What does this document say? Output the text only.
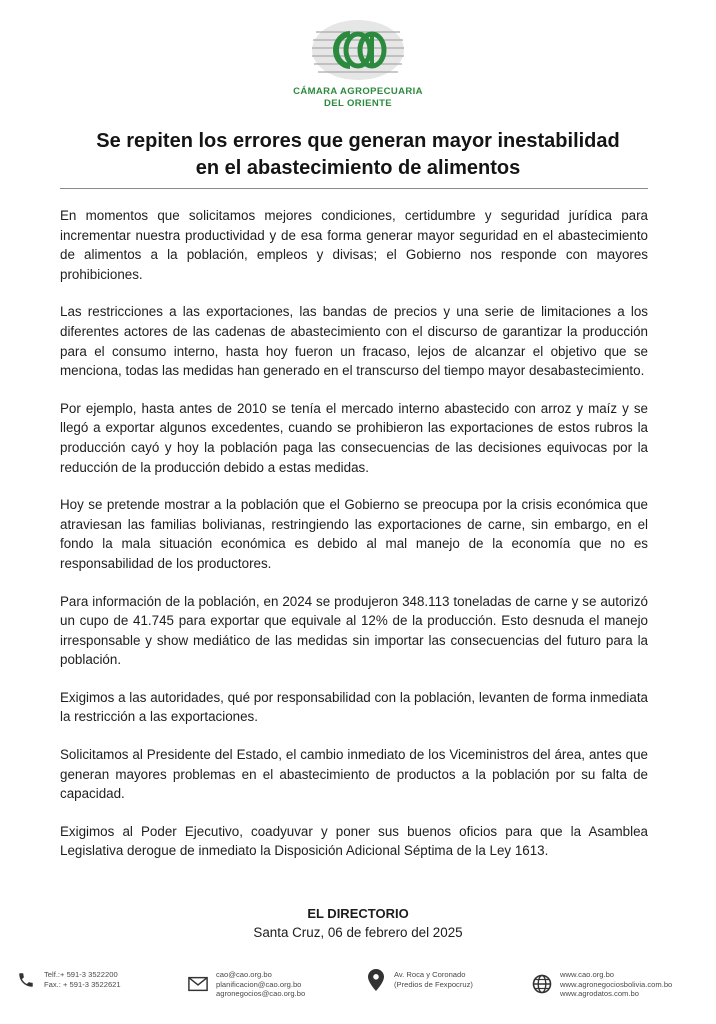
CAO
CÁMARA AGROPECUARIA
DEL ORIENTE
Se repiten los errores que generan mayor inestabilidad
en el abastecimiento de alimentos

En momentos que solicitamos mejores condiciones, certidumbre y seguridad jurídica para incrementar nuestra productividad y de esa forma generar mayor seguridad en el abastecimiento de alimentos a la población, empleos y divisas; el Gobierno nos responde con mayores prohibiciones.

Las restricciones a las exportaciones, las bandas de precios y una serie de limitaciones a los diferentes actores de las cadenas de abastecimiento con el discurso de garantizar la producción para el consumo interno, hasta hoy fueron un fracaso, lejos de alcanzar el objetivo que se menciona, todas las medidas han generado en el transcurso del tiempo mayor desabastecimiento.

Por ejemplo, hasta antes de 2010 se tenía el mercado interno abastecido con arroz y maíz y se llegó a exportar algunos excedentes, cuando se prohibieron las exportaciones de estos rubros la producción cayó y hoy la población paga las consecuencias de las decisiones equivocas por la reducción de la producción debido a estas medidas.

Hoy se pretende mostrar a la población que el Gobierno se preocupa por la crisis económica que atraviesan las familias bolivianas, restringiendo las exportaciones de carne, sin embargo, en el fondo la mala situación económica es debido al mal manejo de la economía que no es responsabilidad de los productores.

Para información de la población, en 2024 se produjeron 348.113 toneladas de carne y se autorizó un cupo de 41.745 para exportar que equivale al 12% de la producción. Esto desnuda el manejo irresponsable y show mediático de las medidas sin importar las consecuencias del futuro para la población.

Exigimos a las autoridades, qué por responsabilidad con la población, levanten de forma inmediata la restricción a las exportaciones.

Solicitamos al Presidente del Estado, el cambio inmediato de los Viceministros del área, antes que generan mayores problemas en el abastecimiento de productos a la población por su falta de capacidad.

Exigimos al Poder Ejecutivo, coadyuvar y poner sus buenos oficios para que la Asamblea Legislativa derogue de inmediato la Disposición Adicional Séptima de la Ley 1613.

EL DIRECTORIO
Santa Cruz, 06 de febrero del 2025
Telf.:+ 591-3 3522200
Fax.: + 591-3 3522621
cao@cao.org.bo
planificacion@cao.org.bo
agronegocios@cao.org.bo
Av. Roca y Coronado
(Predios de Fexpocruz)
www.cao.org.bo
www.agronegociosbolivia.com.bo
www.agrodatos.com.bo
